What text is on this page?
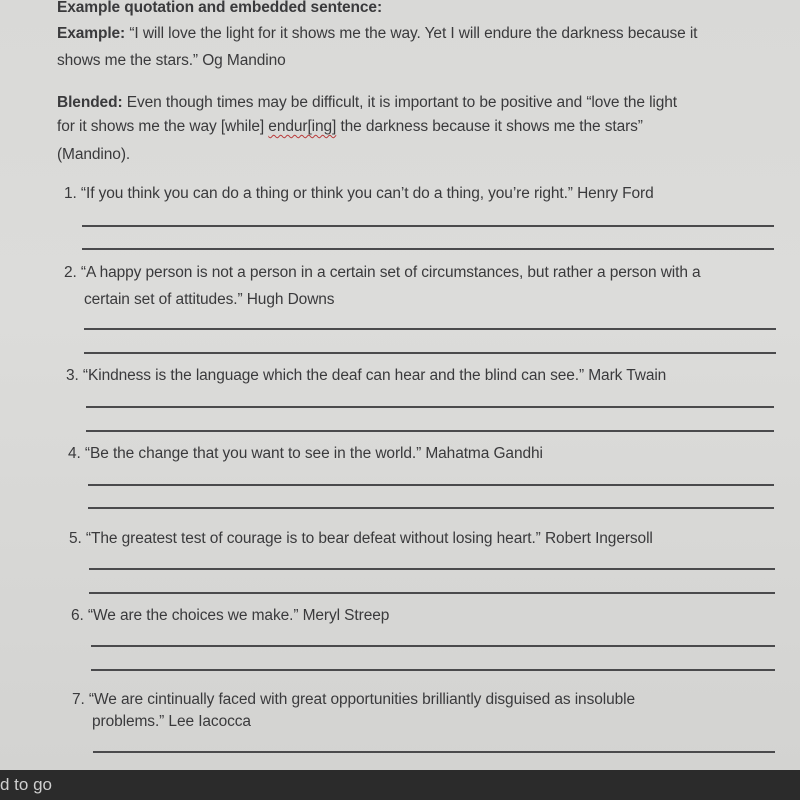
Example quotation and embedded sentence:
Example: “I will love the light for it shows me the way. Yet I will endure the darkness because it
shows me the stars.” Og Mandino
Blended: Even though times may be difficult, it is important to be positive and “love the light
for it shows me the way [while] endur[ing] the darkness because it shows me the stars”
(Mandino).
1. “If you think you can do a thing or think you can’t do a thing, you’re right.” Henry Ford
2. “A happy person is not a person in a certain set of circumstances, but rather a person with a
certain set of attitudes.” Hugh Downs
3. “Kindness is the language which the deaf can hear and the blind can see.” Mark Twain
4. “Be the change that you want to see in the world.” Mahatma Gandhi
5. “The greatest test of courage is to bear defeat without losing heart.” Robert Ingersoll
6. “We are the choices we make.” Meryl Streep
7. “We are cintinually faced with great opportunities brilliantly disguised as insoluble
problems.” Lee Iacocca
d to go
